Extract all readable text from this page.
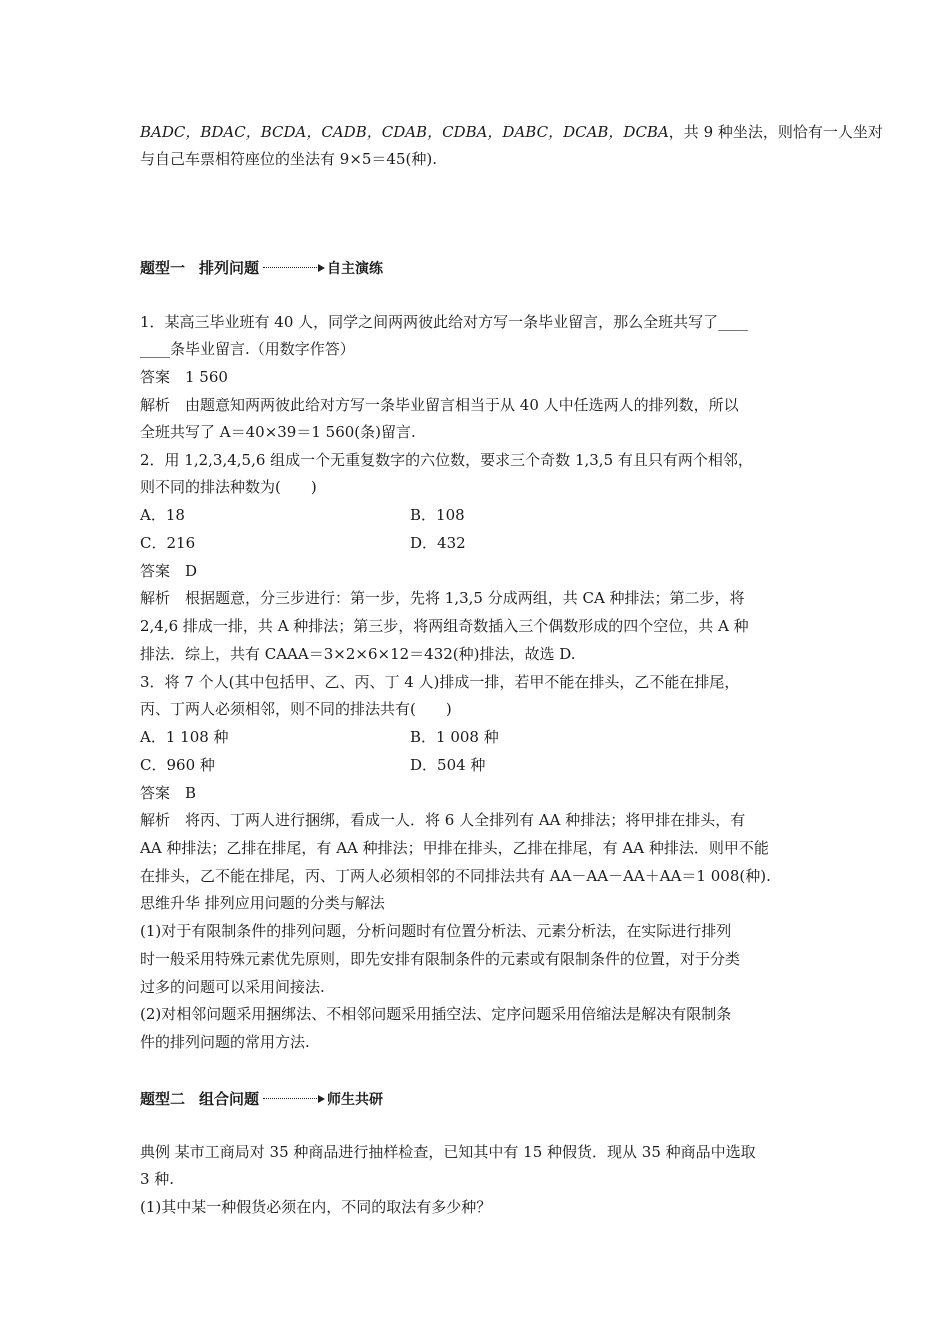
BADC，BDAC，BCDA，CADB，CDAB，CDBA，DABC，DCAB，DCBA，共 9 种坐法，则恰有一人坐对
与自己车票相符座位的坐法有 9×5＝45(种).
题型一 排列问题	自主演练
1．某高三毕业班有 40 人，同学之间两两彼此给对方写一条毕业留言，那么全班共写了____
____条毕业留言.（用数字作答）
答案　1 560
解析　由题意知两两彼此给对方写一条毕业留言相当于从 40 人中任选两人的排列数，所以
全班共写了 A＝40×39＝1 560(条)留言.
2．用 1,2,3,4,5,6 组成一个无重复数字的六位数，要求三个奇数 1,3,5 有且只有两个相邻，
则不同的排法种数为(　　)
A．18	B．108
C．216	D．432
答案　D
解析　根据题意，分三步进行：第一步，先将 1,3,5 分成两组，共 CA 种排法；第二步，将
2,4,6 排成一排，共 A 种排法；第三步，将两组奇数插入三个偶数形成的四个空位，共 A 种
排法．综上，共有 CAAA＝3×2×6×12＝432(种)排法，故选 D.
3．将 7 个人(其中包括甲、乙、丙、丁 4 人)排成一排，若甲不能在排头，乙不能在排尾，
丙、丁两人必须相邻，则不同的排法共有(　　)
A．1 108 种	B．1 008 种
C．960 种	D．504 种
答案　B
解析　将丙、丁两人进行捆绑，看成一人．将 6 人全排列有 AA 种排法；将甲排在排头，有
AA 种排法；乙排在排尾，有 AA 种排法；甲排在排头，乙排在排尾，有 AA 种排法．则甲不能
在排头，乙不能在排尾，丙、丁两人必须相邻的不同排法共有 AA－AA－AA＋AA＝1 008(种).
思维升华 排列应用问题的分类与解法
(1)对于有限制条件的排列问题，分析问题时有位置分析法、元素分析法，在实际进行排列
时一般采用特殊元素优先原则，即先安排有限制条件的元素或有限制条件的位置，对于分类
过多的问题可以采用间接法.
(2)对相邻问题采用捆绑法、不相邻问题采用插空法、定序问题采用倍缩法是解决有限制条
件的排列问题的常用方法.
题型二 组合问题	师生共研
典例 某市工商局对 35 种商品进行抽样检查，已知其中有 15 种假货．现从 35 种商品中选取
3 种.
(1)其中某一种假货必须在内，不同的取法有多少种？
